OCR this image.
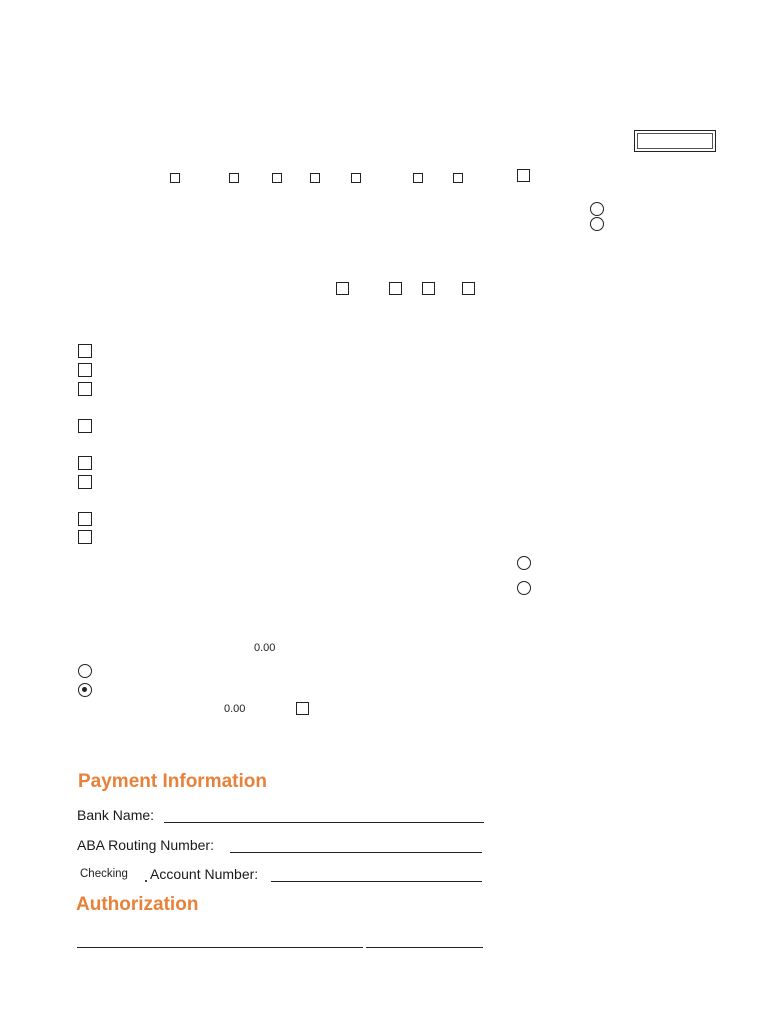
0.00
0.00
Payment Information
Bank Name:
ABA Routing Number:
Checking Account Number:
Authorization
